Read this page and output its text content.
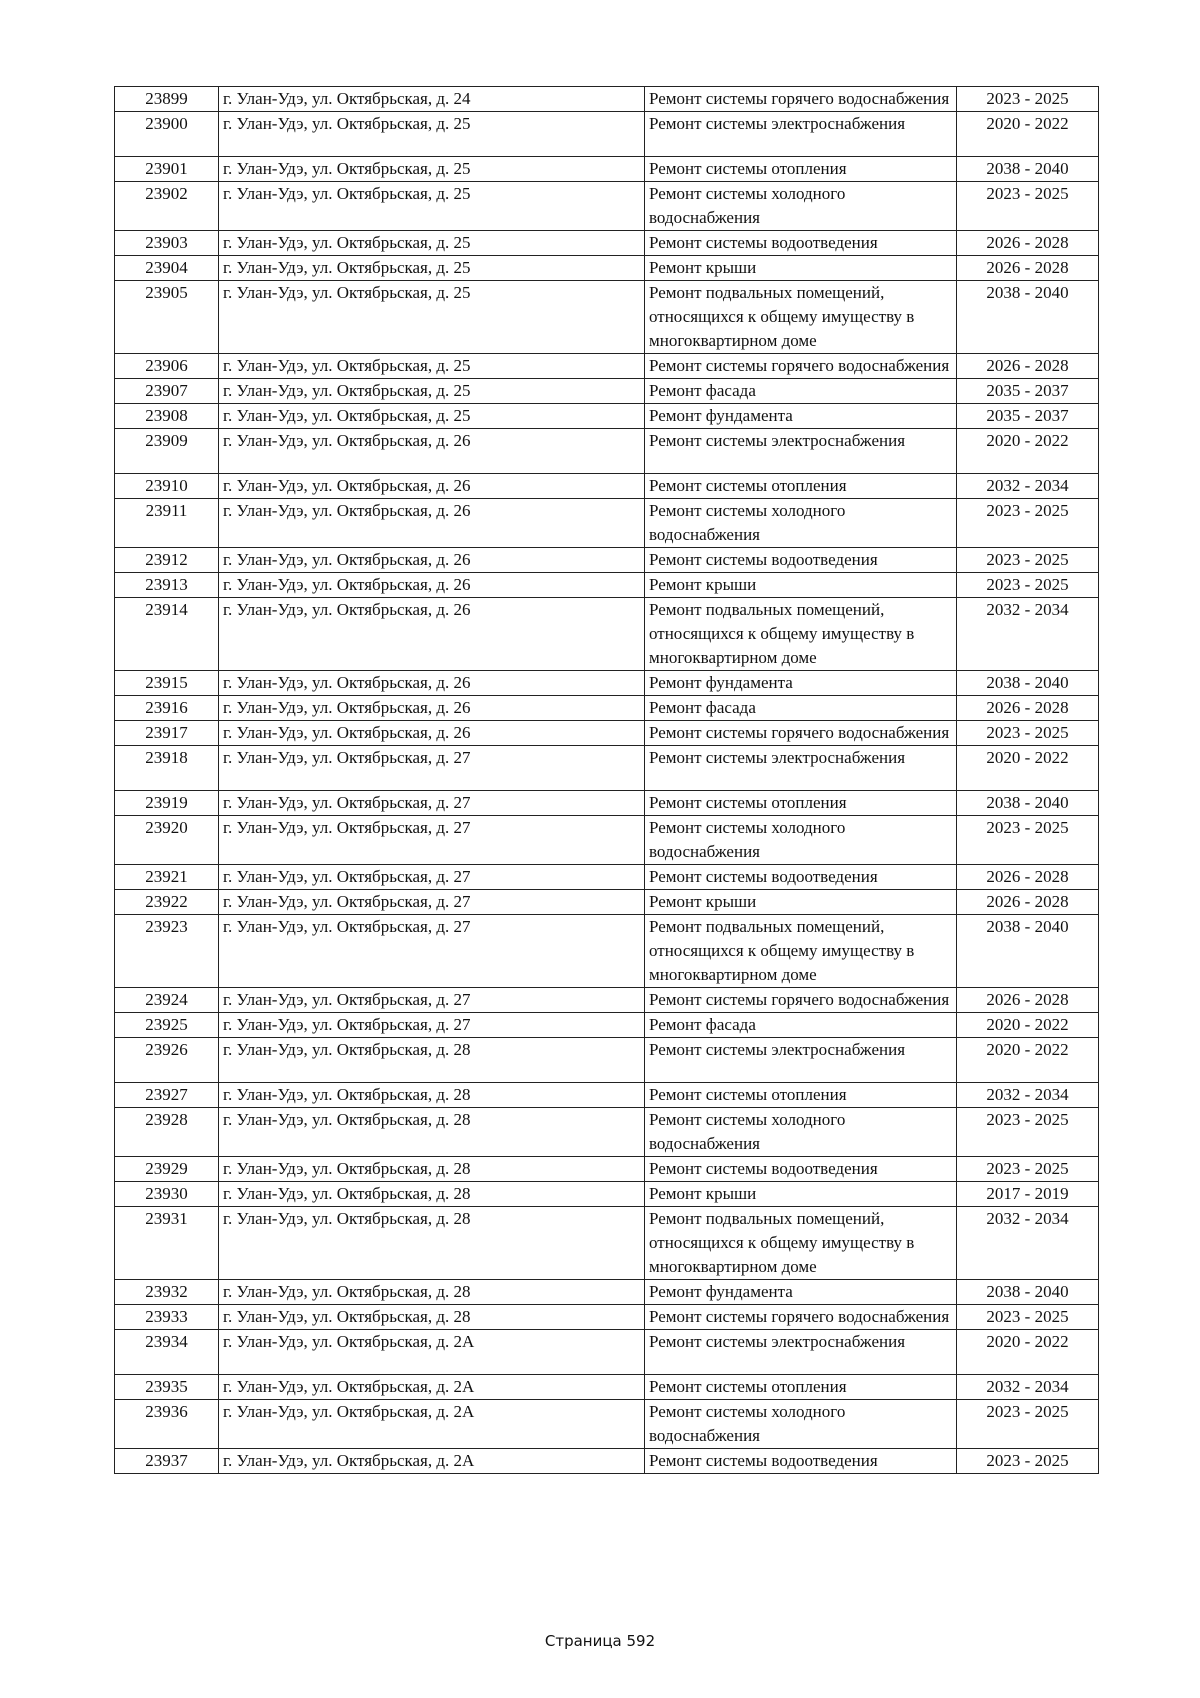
23899	г. Улан-Удэ, ул. Октябрьская, д. 24	Ремонт системы горячего водоснабжения	2023 - 2025
23900	г. Улан-Удэ, ул. Октябрьская, д. 25	Ремонт системы электроснабжения	2020 - 2022
23901	г. Улан-Удэ, ул. Октябрьская, д. 25	Ремонт системы отопления	2038 - 2040
23902	г. Улан-Удэ, ул. Октябрьская, д. 25	Ремонт системы холодного водоснабжения	2023 - 2025
23903	г. Улан-Удэ, ул. Октябрьская, д. 25	Ремонт системы водоотведения	2026 - 2028
23904	г. Улан-Удэ, ул. Октябрьская, д. 25	Ремонт крыши	2026 - 2028
23905	г. Улан-Удэ, ул. Октябрьская, д. 25	Ремонт подвальных помещений, относящихся к общему имуществу в многоквартирном доме	2038 - 2040
23906	г. Улан-Удэ, ул. Октябрьская, д. 25	Ремонт системы горячего водоснабжения	2026 - 2028
23907	г. Улан-Удэ, ул. Октябрьская, д. 25	Ремонт фасада	2035 - 2037
23908	г. Улан-Удэ, ул. Октябрьская, д. 25	Ремонт фундамента	2035 - 2037
23909	г. Улан-Удэ, ул. Октябрьская, д. 26	Ремонт системы электроснабжения	2020 - 2022
23910	г. Улан-Удэ, ул. Октябрьская, д. 26	Ремонт системы отопления	2032 - 2034
23911	г. Улан-Удэ, ул. Октябрьская, д. 26	Ремонт системы холодного водоснабжения	2023 - 2025
23912	г. Улан-Удэ, ул. Октябрьская, д. 26	Ремонт системы водоотведения	2023 - 2025
23913	г. Улан-Удэ, ул. Октябрьская, д. 26	Ремонт крыши	2023 - 2025
23914	г. Улан-Удэ, ул. Октябрьская, д. 26	Ремонт подвальных помещений, относящихся к общему имуществу в многоквартирном доме	2032 - 2034
23915	г. Улан-Удэ, ул. Октябрьская, д. 26	Ремонт фундамента	2038 - 2040
23916	г. Улан-Удэ, ул. Октябрьская, д. 26	Ремонт фасада	2026 - 2028
23917	г. Улан-Удэ, ул. Октябрьская, д. 26	Ремонт системы горячего водоснабжения	2023 - 2025
23918	г. Улан-Удэ, ул. Октябрьская, д. 27	Ремонт системы электроснабжения	2020 - 2022
23919	г. Улан-Удэ, ул. Октябрьская, д. 27	Ремонт системы отопления	2038 - 2040
23920	г. Улан-Удэ, ул. Октябрьская, д. 27	Ремонт системы холодного водоснабжения	2023 - 2025
23921	г. Улан-Удэ, ул. Октябрьская, д. 27	Ремонт системы водоотведения	2026 - 2028
23922	г. Улан-Удэ, ул. Октябрьская, д. 27	Ремонт крыши	2026 - 2028
23923	г. Улан-Удэ, ул. Октябрьская, д. 27	Ремонт подвальных помещений, относящихся к общему имуществу в многоквартирном доме	2038 - 2040
23924	г. Улан-Удэ, ул. Октябрьская, д. 27	Ремонт системы горячего водоснабжения	2026 - 2028
23925	г. Улан-Удэ, ул. Октябрьская, д. 27	Ремонт фасада	2020 - 2022
23926	г. Улан-Удэ, ул. Октябрьская, д. 28	Ремонт системы электроснабжения	2020 - 2022
23927	г. Улан-Удэ, ул. Октябрьская, д. 28	Ремонт системы отопления	2032 - 2034
23928	г. Улан-Удэ, ул. Октябрьская, д. 28	Ремонт системы холодного водоснабжения	2023 - 2025
23929	г. Улан-Удэ, ул. Октябрьская, д. 28	Ремонт системы водоотведения	2023 - 2025
23930	г. Улан-Удэ, ул. Октябрьская, д. 28	Ремонт крыши	2017 - 2019
23931	г. Улан-Удэ, ул. Октябрьская, д. 28	Ремонт подвальных помещений, относящихся к общему имуществу в многоквартирном доме	2032 - 2034
23932	г. Улан-Удэ, ул. Октябрьская, д. 28	Ремонт фундамента	2038 - 2040
23933	г. Улан-Удэ, ул. Октябрьская, д. 28	Ремонт системы горячего водоснабжения	2023 - 2025
23934	г. Улан-Удэ, ул. Октябрьская, д. 2А	Ремонт системы электроснабжения	2020 - 2022
23935	г. Улан-Удэ, ул. Октябрьская, д. 2А	Ремонт системы отопления	2032 - 2034
23936	г. Улан-Удэ, ул. Октябрьская, д. 2А	Ремонт системы холодного водоснабжения	2023 - 2025
23937	г. Улан-Удэ, ул. Октябрьская, д. 2А	Ремонт системы водоотведения	2023 - 2025
Страница 592
